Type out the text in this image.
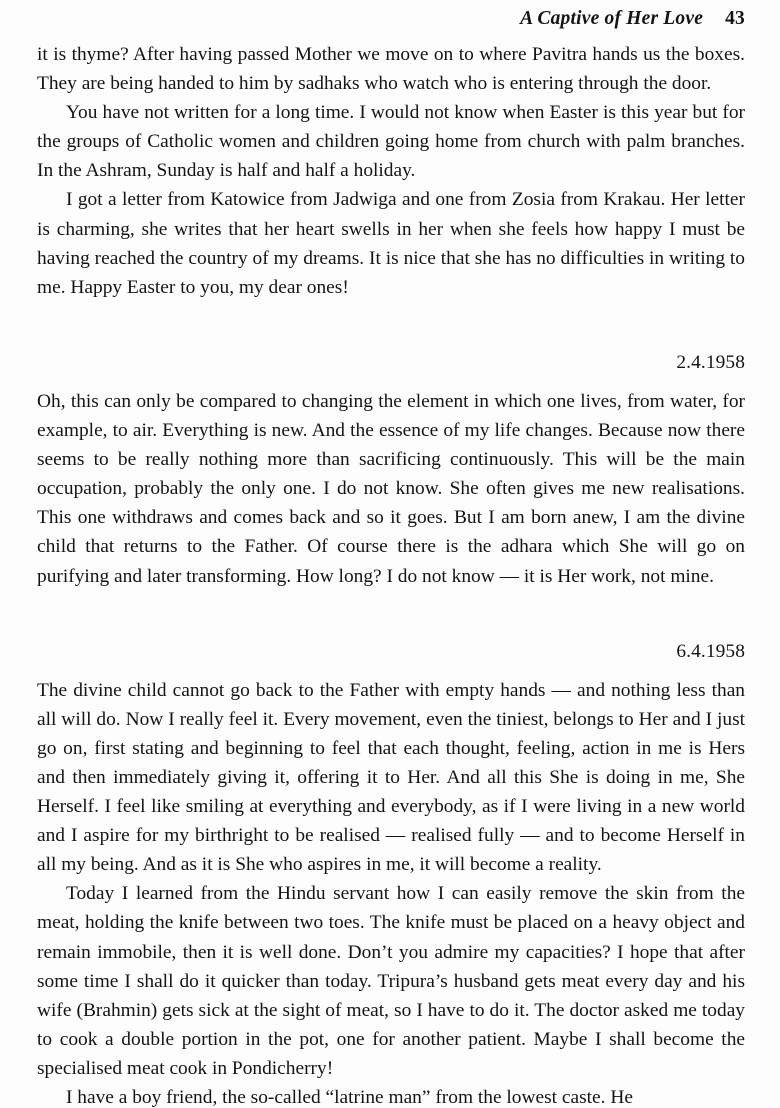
A Captive of Her Love 43

it is thyme? After having passed Mother we move on to where Pavitra hands us the boxes. They are being handed to him by sadhaks who watch who is entering through the door.

You have not written for a long time. I would not know when Easter is this year but for the groups of Catholic women and children going home from church with palm branches. In the Ashram, Sunday is half and half a holiday.

I got a letter from Katowice from Jadwiga and one from Zosia from Krakau. Her letter is charming, she writes that her heart swells in her when she feels how happy I must be having reached the country of my dreams. It is nice that she has no difficulties in writing to me. Happy Easter to you, my dear ones!

2.4.1958

Oh, this can only be compared to changing the element in which one lives, from water, for example, to air. Everything is new. And the essence of my life changes. Because now there seems to be really nothing more than sacrificing continuously. This will be the main occupation, probably the only one. I do not know. She often gives me new realisations. This one withdraws and comes back and so it goes. But I am born anew, I am the divine child that returns to the Father. Of course there is the adhara which She will go on purifying and later transforming. How long? I do not know — it is Her work, not mine.

6.4.1958

The divine child cannot go back to the Father with empty hands — and nothing less than all will do. Now I really feel it. Every movement, even the tiniest, belongs to Her and I just go on, first stating and beginning to feel that each thought, feeling, action in me is Hers and then immediately giving it, offering it to Her. And all this She is doing in me, She Herself. I feel like smiling at everything and everybody, as if I were living in a new world and I aspire for my birthright to be realised — realised fully — and to become Herself in all my being. And as it is She who aspires in me, it will become a reality.

Today I learned from the Hindu servant how I can easily remove the skin from the meat, holding the knife between two toes. The knife must be placed on a heavy object and remain immobile, then it is well done. Don’t you admire my capacities? I hope that after some time I shall do it quicker than today. Tripura’s husband gets meat every day and his wife (Brahmin) gets sick at the sight of meat, so I have to do it. The doctor asked me today to cook a double portion in the pot, one for another patient. Maybe I shall become the specialised meat cook in Pondicherry!

I have a boy friend, the so-called “latrine man” from the lowest caste. He
